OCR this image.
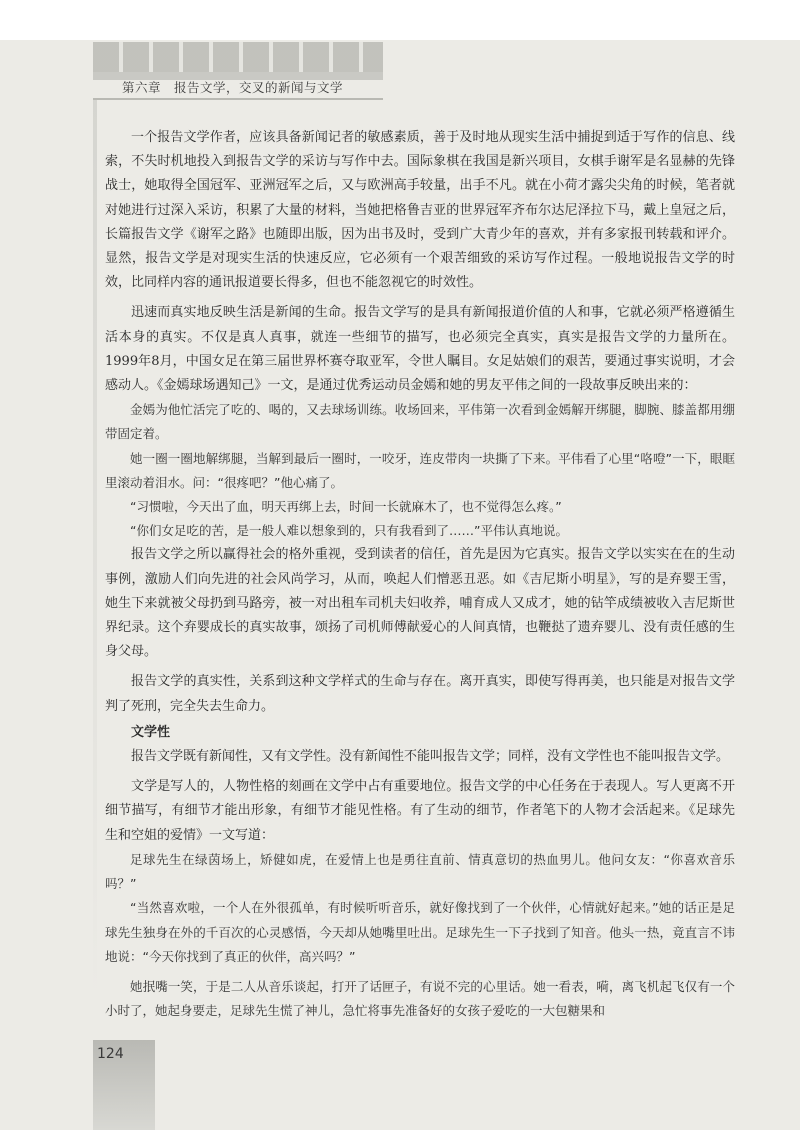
第六章　报告文学，交叉的新闻与文学

一个报告文学作者，应该具备新闻记者的敏感素质，善于及时地从现实生活中捕捉到适于写作的信息、线索，不失时机地投入到报告文学的采访与写作中去。国际象棋在我国是新兴项目，女棋手谢军是名显赫的先锋战士，她取得全国冠军、亚洲冠军之后，又与欧洲高手较量，出手不凡。就在小荷才露尖尖角的时候，笔者就对她进行过深入采访，积累了大量的材料，当她把格鲁吉亚的世界冠军齐布尔达尼泽拉下马，戴上皇冠之后，长篇报告文学《谢军之路》也随即出版，因为出书及时，受到广大青少年的喜欢，并有多家报刊转载和评介。显然，报告文学是对现实生活的快速反应，它必须有一个艰苦细致的采访写作过程。一般地说报告文学的时效，比同样内容的通讯报道要长得多，但也不能忽视它的时效性。

迅速而真实地反映生活是新闻的生命。报告文学写的是具有新闻报道价值的人和事，它就必须严格遵循生活本身的真实。不仅是真人真事，就连一些细节的描写，也必须完全真实，真实是报告文学的力量所在。1999年8月，中国女足在第三届世界杯赛夺取亚军，令世人瞩目。女足姑娘们的艰苦，要通过事实说明，才会感动人。《金嫣球场遇知己》一文，是通过优秀运动员金嫣和她的男友平伟之间的一段故事反映出来的：

金嫣为他忙活完了吃的、喝的，又去球场训练。收场回来，平伟第一次看到金嫣解开绑腿，脚腕、膝盖都用绷带固定着。

她一圈一圈地解绑腿，当解到最后一圈时，一咬牙，连皮带肉一块撕了下来。平伟看了心里“咯噔”一下，眼眶里滚动着泪水。问：“很疼吧？”他心痛了。

“习惯啦，今天出了血，明天再绑上去，时间一长就麻木了，也不觉得怎么疼。”

“你们女足吃的苦，是一般人难以想象到的，只有我看到了……”平伟认真地说。

报告文学之所以赢得社会的格外重视，受到读者的信任，首先是因为它真实。报告文学以实实在在的生动事例，激励人们向先进的社会风尚学习，从而，唤起人们憎恶丑恶。如《吉尼斯小明星》，写的是弃婴王雪，她生下来就被父母扔到马路旁，被一对出租车司机夫妇收养，哺育成人又成才，她的钻竿成绩被收入吉尼斯世界纪录。这个弃婴成长的真实故事，颂扬了司机师傅献爱心的人间真情，也鞭挞了遗弃婴儿、没有责任感的生身父母。

报告文学的真实性，关系到这种文学样式的生命与存在。离开真实，即使写得再美，也只能是对报告文学判了死刑，完全失去生命力。

文学性

报告文学既有新闻性，又有文学性。没有新闻性不能叫报告文学；同样，没有文学性也不能叫报告文学。

文学是写人的，人物性格的刻画在文学中占有重要地位。报告文学的中心任务在于表现人。写人更离不开细节描写，有细节才能出形象，有细节才能见性格。有了生动的细节，作者笔下的人物才会活起来。《足球先生和空姐的爱情》一文写道：

足球先生在绿茵场上，矫健如虎，在爱情上也是勇往直前、情真意切的热血男儿。他问女友：“你喜欢音乐吗？”

“当然喜欢啦，一个人在外很孤单，有时候听听音乐，就好像找到了一个伙伴，心情就好起来。”她的话正是足球先生独身在外的千百次的心灵感悟，今天却从她嘴里吐出。足球先生一下子找到了知音。他头一热，竟直言不讳地说：“今天你找到了真正的伙伴，高兴吗？”

她抿嘴一笑，于是二人从音乐谈起，打开了话匣子，有说不完的心里话。她一看表，嗬，离飞机起飞仅有一个小时了，她起身要走，足球先生慌了神儿，急忙将事先准备好的女孩子爱吃的一大包糖果和

124
